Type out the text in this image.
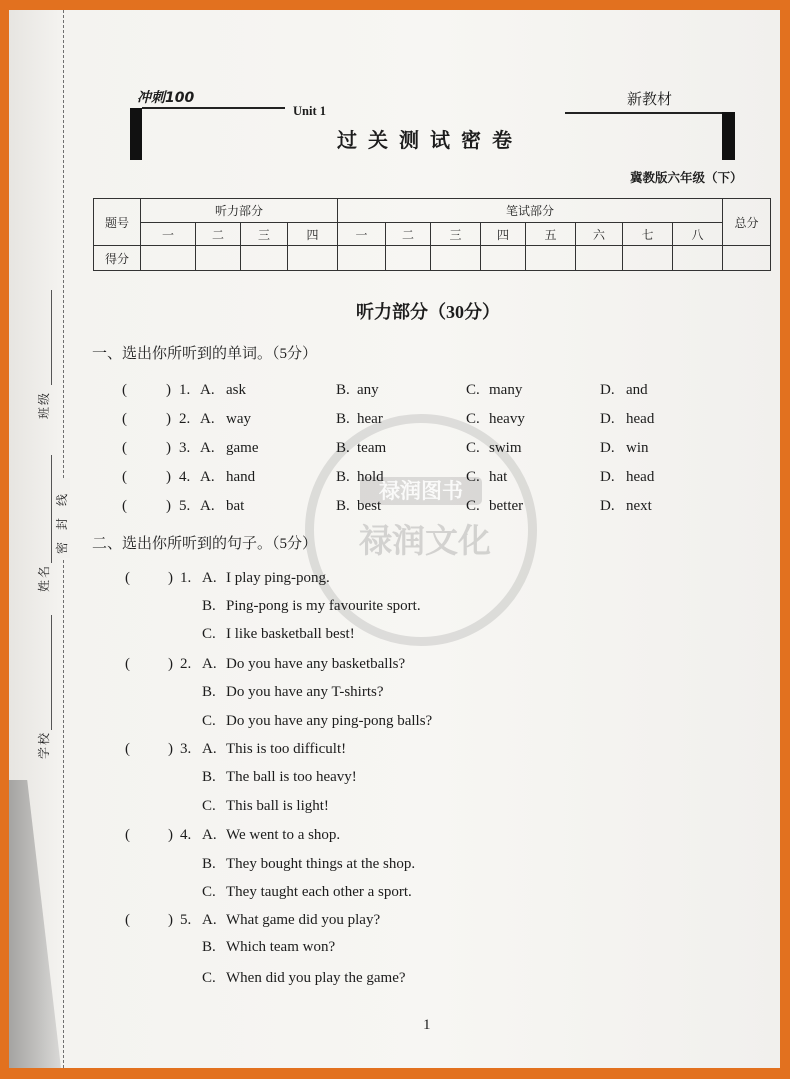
班级
密封线
姓名
学校
冲刺100
Unit 1
新教材
过关测试密卷
冀教版六年级（下）
题号	听力部分				笔试部分								总分
	一	二	三	四	一	二	三	四	五	六	七	八	
得分													
禄润图书
禄润文化
听力部分（30分）
一、选出你所听到的单词。（5分）
(	) 1. A. ask	B. any	C. many	D. and
(	) 2. A. way	B. hear	C. heavy	D. head
(	) 3. A. game	B. team	C. swim	D. win
(	) 4. A. hand	B. hold	C. hat	D. head
(	) 5. A. bat	B. best	C. better	D. next
二、选出你所听到的句子。（5分）
(	) 1. A. I play ping-pong.
B. Ping-pong is my favourite sport.
C. I like basketball best!
(	) 2. A. Do you have any basketballs?
B. Do you have any T-shirts?
C. Do you have any ping-pong balls?
(	) 3. A. This is too difficult!
B. The ball is too heavy!
C. This ball is light!
(	) 4. A. We went to a shop.
B. They bought things at the shop.
C. They taught each other a sport.
(	) 5. A. What game did you play?
B. Which team won?
C. When did you play the game?
1
